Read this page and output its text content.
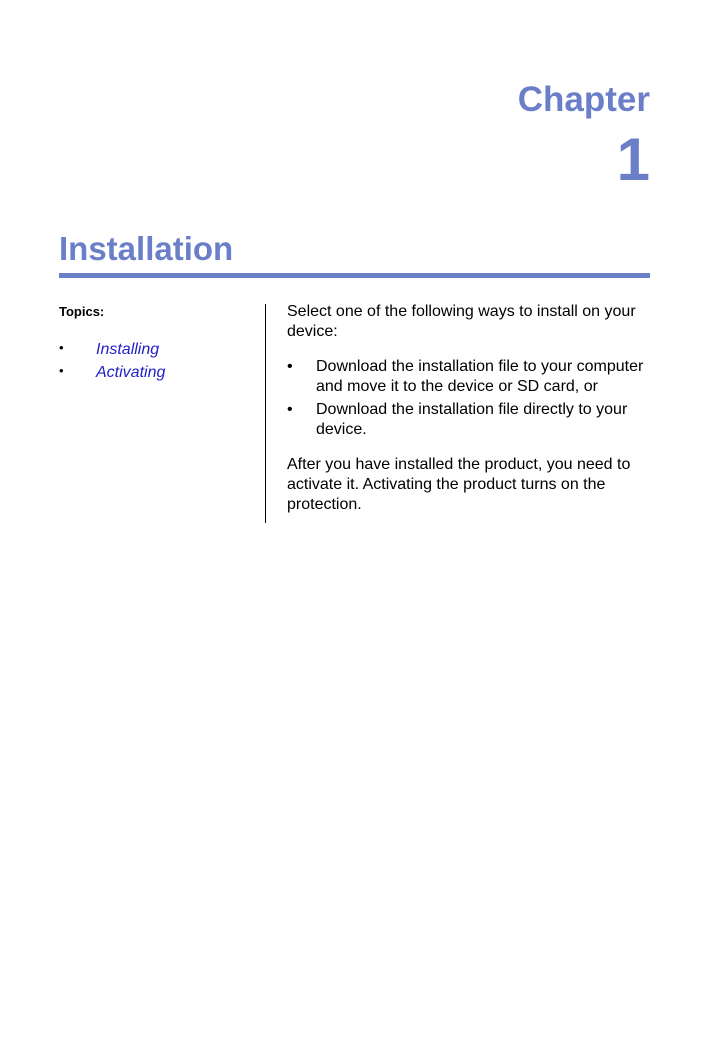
Chapter
1
Installation
Topics:
•	Installing
•	Activating

Select one of the following ways to install on your device:

•	Download the installation file to your computer and move it to the device or SD card, or
•	Download the installation file directly to your device.

After you have installed the product, you need to activate it. Activating the product turns on the protection.
